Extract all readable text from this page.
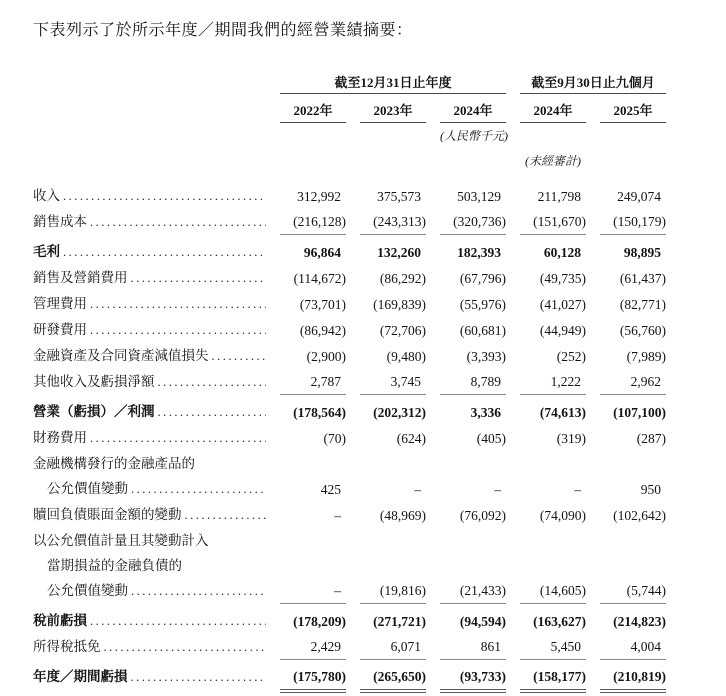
下表列示了於所示年度／期間我們的經營業績摘要：
截至12月31日止年度	截至9月30日止九個月
2022年	2023年	2024年	2024年	2025年
(人民幣千元)
(未經審計)
收入 .....	312,992	375,573	503,129	211,798	249,074
銷售成本 .....	(216,128)	(243,313)	(320,736)	(151,670)	(150,179)
毛利 .....	96,864	132,260	182,393	60,128	98,895
銷售及營銷費用 .....	(114,672)	(86,292)	(67,796)	(49,735)	(61,437)
管理費用 .....	(73,701)	(169,839)	(55,976)	(41,027)	(82,771)
研發費用 .....	(86,942)	(72,706)	(60,681)	(44,949)	(56,760)
金融資產及合同資產減值損失 .....	(2,900)	(9,480)	(3,393)	(252)	(7,989)
其他收入及虧損淨額 .....	2,787	3,745	8,789	1,222	2,962
營業（虧損）／利潤 .....	(178,564)	(202,312)	3,336	(74,613)	(107,100)
財務費用 .....	(70)	(624)	(405)	(319)	(287)
金融機構發行的金融產品的
公允價值變動 .....	425	–	–	–	950
贖回負債賬面金額的變動 .....	–	(48,969)	(76,092)	(74,090)	(102,642)
以公允價值計量且其變動計入
當期損益的金融負債的
公允價值變動 .....	–	(19,816)	(21,433)	(14,605)	(5,744)
稅前虧損 .....	(178,209)	(271,721)	(94,594)	(163,627)	(214,823)
所得稅抵免 .....	2,429	6,071	861	5,450	4,004
年度／期間虧損 .....	(175,780)	(265,650)	(93,733)	(158,177)	(210,819)
